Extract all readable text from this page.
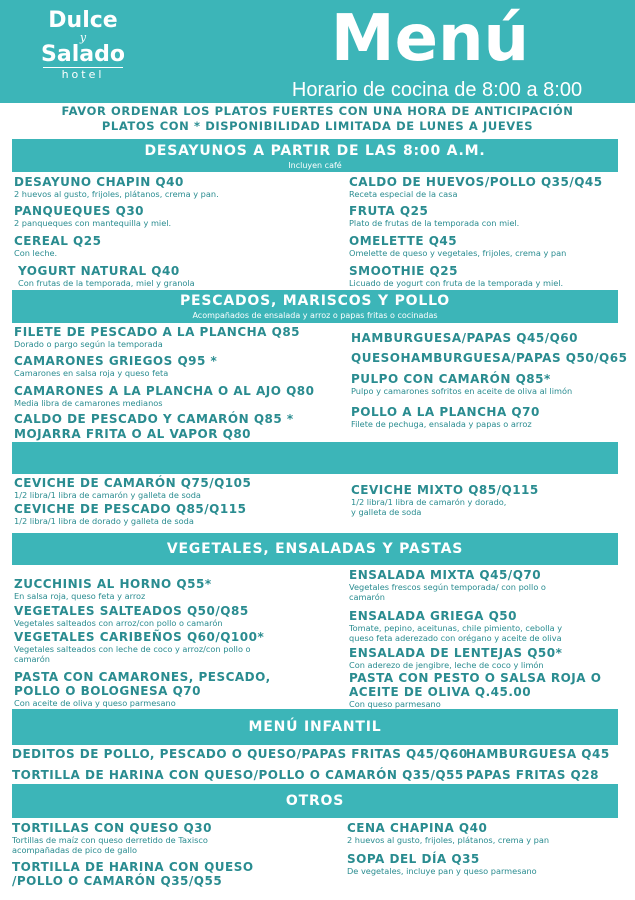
Dulce
y
Salado
hotel	Menú
Horario de cocina de 8:00 a 8:00
FAVOR ORDENAR LOS PLATOS FUERTES CON UNA HORA DE ANTICIPACIÓN
PLATOS CON * DISPONIBILIDAD LIMITADA DE LUNES A JUEVES
DESAYUNOS A PARTIR DE LAS 8:00 A.M.
Incluyen café
DESAYUNO CHAPIN Q40
2 huevos al gusto, frijoles, plátanos, crema y pan.
PANQUEQUES Q30
2 panqueques con mantequilla y miel.
CEREAL Q25
Con leche.
YOGURT NATURAL Q40
Con frutas de la temporada, miel y granola
CALDO DE HUEVOS/POLLO Q35/Q45
Receta especial de la casa
FRUTA Q25
Plato de frutas de la temporada con miel.
OMELETTE Q45
Omelette de queso y vegetales, frijoles, crema y pan
SMOOTHIE Q25
Licuado de yogurt con fruta de la temporada y miel.
PESCADOS, MARISCOS Y POLLO
Acompañados de ensalada y arroz o papas fritas o cocinadas
FILETE DE PESCADO A LA PLANCHA Q85
Dorado o pargo según la temporada
CAMARONES GRIEGOS Q95 *
Camarones en salsa roja y queso feta
CAMARONES A LA PLANCHA O AL AJO Q80
Media libra de camarones medianos
CALDO DE PESCADO Y CAMARÓN Q85 *
MOJARRA FRITA O AL VAPOR Q80
HAMBURGUESA/PAPAS Q45/Q60
QUESOHAMBURGUESA/PAPAS Q50/Q65
PULPO CON CAMARÓN Q85*
Pulpo y camarones sofritos en aceite de oliva al limón
POLLO A LA PLANCHA Q70
Filete de pechuga, ensalada y papas o arroz
CEVICHE DE CAMARÓN Q75/Q105
1/2 libra/1 libra de camarón y galleta de soda
CEVICHE DE PESCADO Q85/Q115
1/2 libra/1 libra de dorado y galleta de soda
CEVICHE MIXTO Q85/Q115
1/2 libra/1 libra de camarón y dorado,
y galleta de soda
VEGETALES, ENSALADAS Y PASTAS
ZUCCHINIS AL HORNO Q55*
En salsa roja, queso feta y arroz
VEGETALES SALTEADOS Q50/Q85
Vegetales salteados con arroz/con pollo o camarón
VEGETALES CARIBEÑOS Q60/Q100*
Vegetales salteados con leche de coco y arroz/con pollo o
camarón
PASTA CON CAMARONES, PESCADO,
POLLO O BOLOGNESA Q70
Con aceite de oliva y queso parmesano
ENSALADA MIXTA Q45/Q70
Vegetales frescos según temporada/ con pollo o
camarón
ENSALADA GRIEGA Q50
Tomate, pepino, aceitunas, chile pimiento, cebolla y
queso feta aderezado con orégano y aceite de oliva
ENSALADA DE LENTEJAS Q50*
Con aderezo de jengibre, leche de coco y limón
PASTA CON PESTO O SALSA ROJA O
ACEITE DE OLIVA Q.45.00
Con queso parmesano
MENÚ INFANTIL
DEDITOS DE POLLO, PESCADO O QUESO/PAPAS FRITAS Q45/Q60
HAMBURGUESA Q45
TORTILLA DE HARINA CON QUESO/POLLO O CAMARÓN Q35/Q55 PAPAS FRITAS Q28
OTROS
TORTILLAS CON QUESO Q30
Tortillas de maíz con queso derretido de Taxisco
acompañadas de pico de gallo
TORTILLA DE HARINA CON QUESO
/POLLO O CAMARÓN Q35/Q55
CENA CHAPINA Q40
2 huevos al gusto, frijoles, plátanos, crema y pan
SOPA DEL DÍA Q35
De vegetales, incluye pan y queso parmesano
